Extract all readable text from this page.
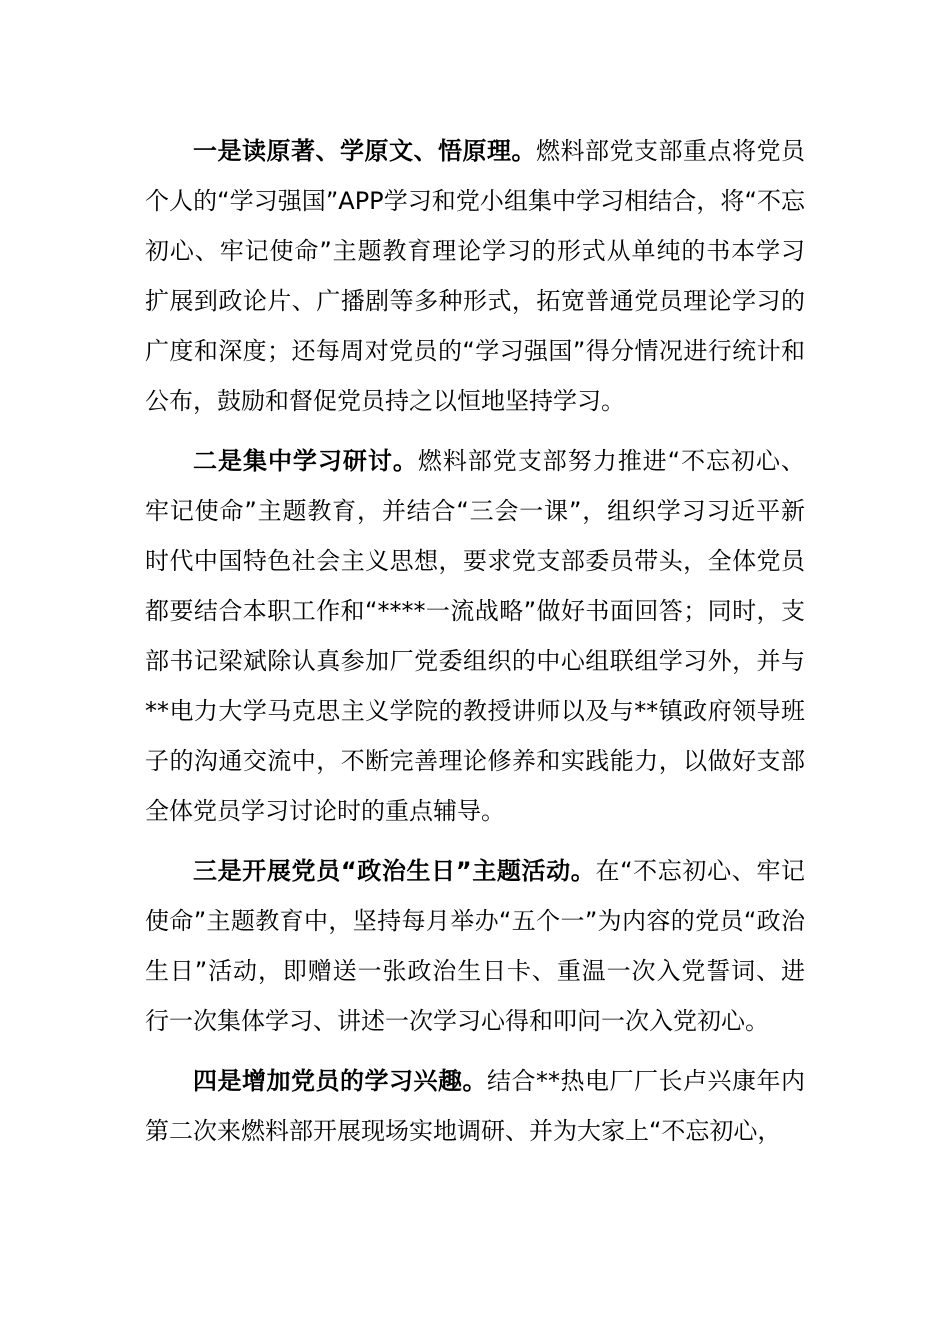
一是读原著、学原文、悟原理。燃料部党支部重点将党员个人的“学习强国”APP学习和党小组集中学习相结合，将“不忘初心、牢记使命”主题教育理论学习的形式从单纯的书本学习扩展到政论片、广播剧等多种形式，拓宽普通党员理论学习的广度和深度；还每周对党员的“学习强国”得分情况进行统计和公布，鼓励和督促党员持之以恒地坚持学习。

二是集中学习研讨。燃料部党支部努力推进“不忘初心、牢记使命”主题教育，并结合“三会一课”，组织学习习近平新时代中国特色社会主义思想，要求党支部委员带头，全体党员都要结合本职工作和“****一流战略”做好书面回答；同时，支部书记梁斌除认真参加厂党委组织的中心组联组学习外，并与**电力大学马克思主义学院的教授讲师以及与**镇政府领导班子的沟通交流中，不断完善理论修养和实践能力，以做好支部全体党员学习讨论时的重点辅导。

三是开展党员“政治生日”主题活动。在“不忘初心、牢记使命”主题教育中，坚持每月举办“五个一”为内容的党员“政治生日”活动，即赠送一张政治生日卡、重温一次入党誓词、进行一次集体学习、讲述一次学习心得和叩问一次入党初心。

四是增加党员的学习兴趣。结合**热电厂厂长卢兴康年内第二次来燃料部开展现场实地调研、并为大家上“不忘初心，
